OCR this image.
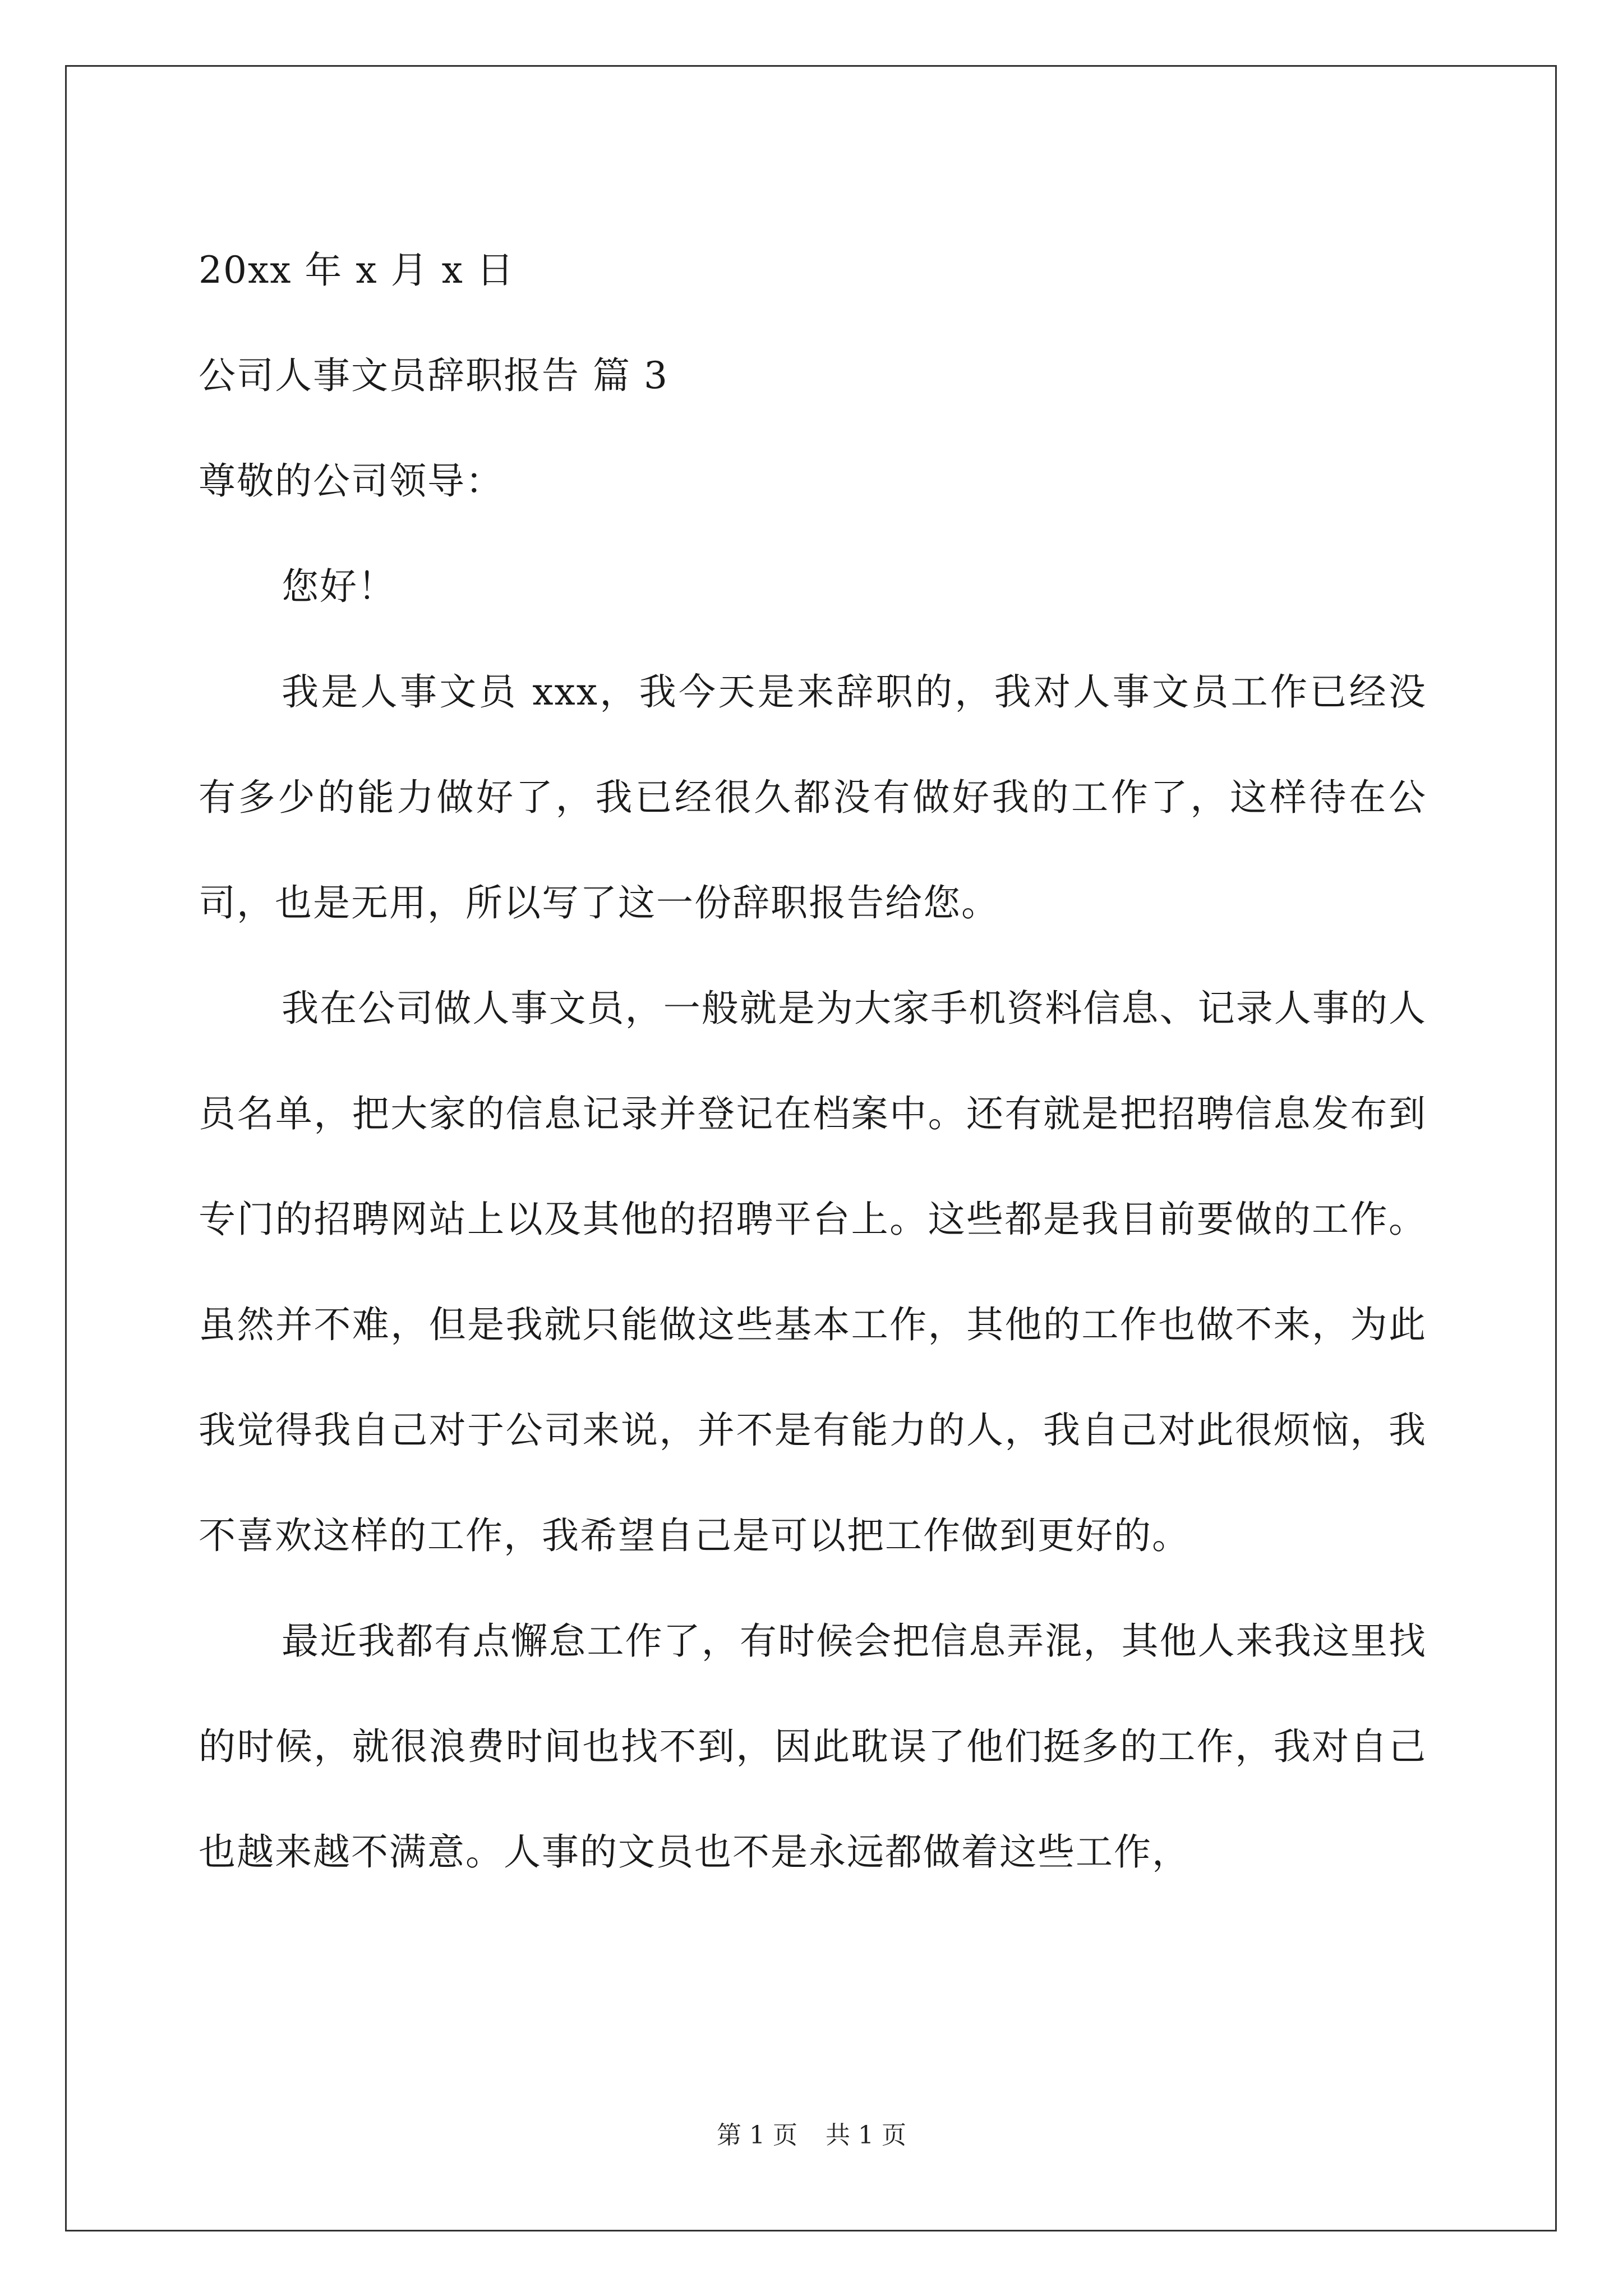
20xx 年 x 月 x 日
公司人事文员辞职报告 篇 3
尊敬的公司领导：
您好！

我是人事文员 xxx，我今天是来辞职的，我对人事文员工作已经没有多少的能力做好了，我已经很久都没有做好我的工作了，这样待在公司，也是无用，所以写了这一份辞职报告给您。

我在公司做人事文员，一般就是为大家手机资料信息、记录人事的人员名单，把大家的信息记录并登记在档案中。还有就是把招聘信息发布到专门的招聘网站上以及其他的招聘平台上。这些都是我目前要做的工作。虽然并不难，但是我就只能做这些基本工作，其他的工作也做不来，为此我觉得我自己对于公司来说，并不是有能力的人，我自己对此很烦恼，我不喜欢这样的工作，我希望自己是可以把工作做到更好的。

最近我都有点懈怠工作了，有时候会把信息弄混，其他人来我这里找的时候，就很浪费时间也找不到，因此耽误了他们挺多的工作，我对自己也越来越不满意。人事的文员也不是永远都做着这些工作，

第 1 页 共 1 页
